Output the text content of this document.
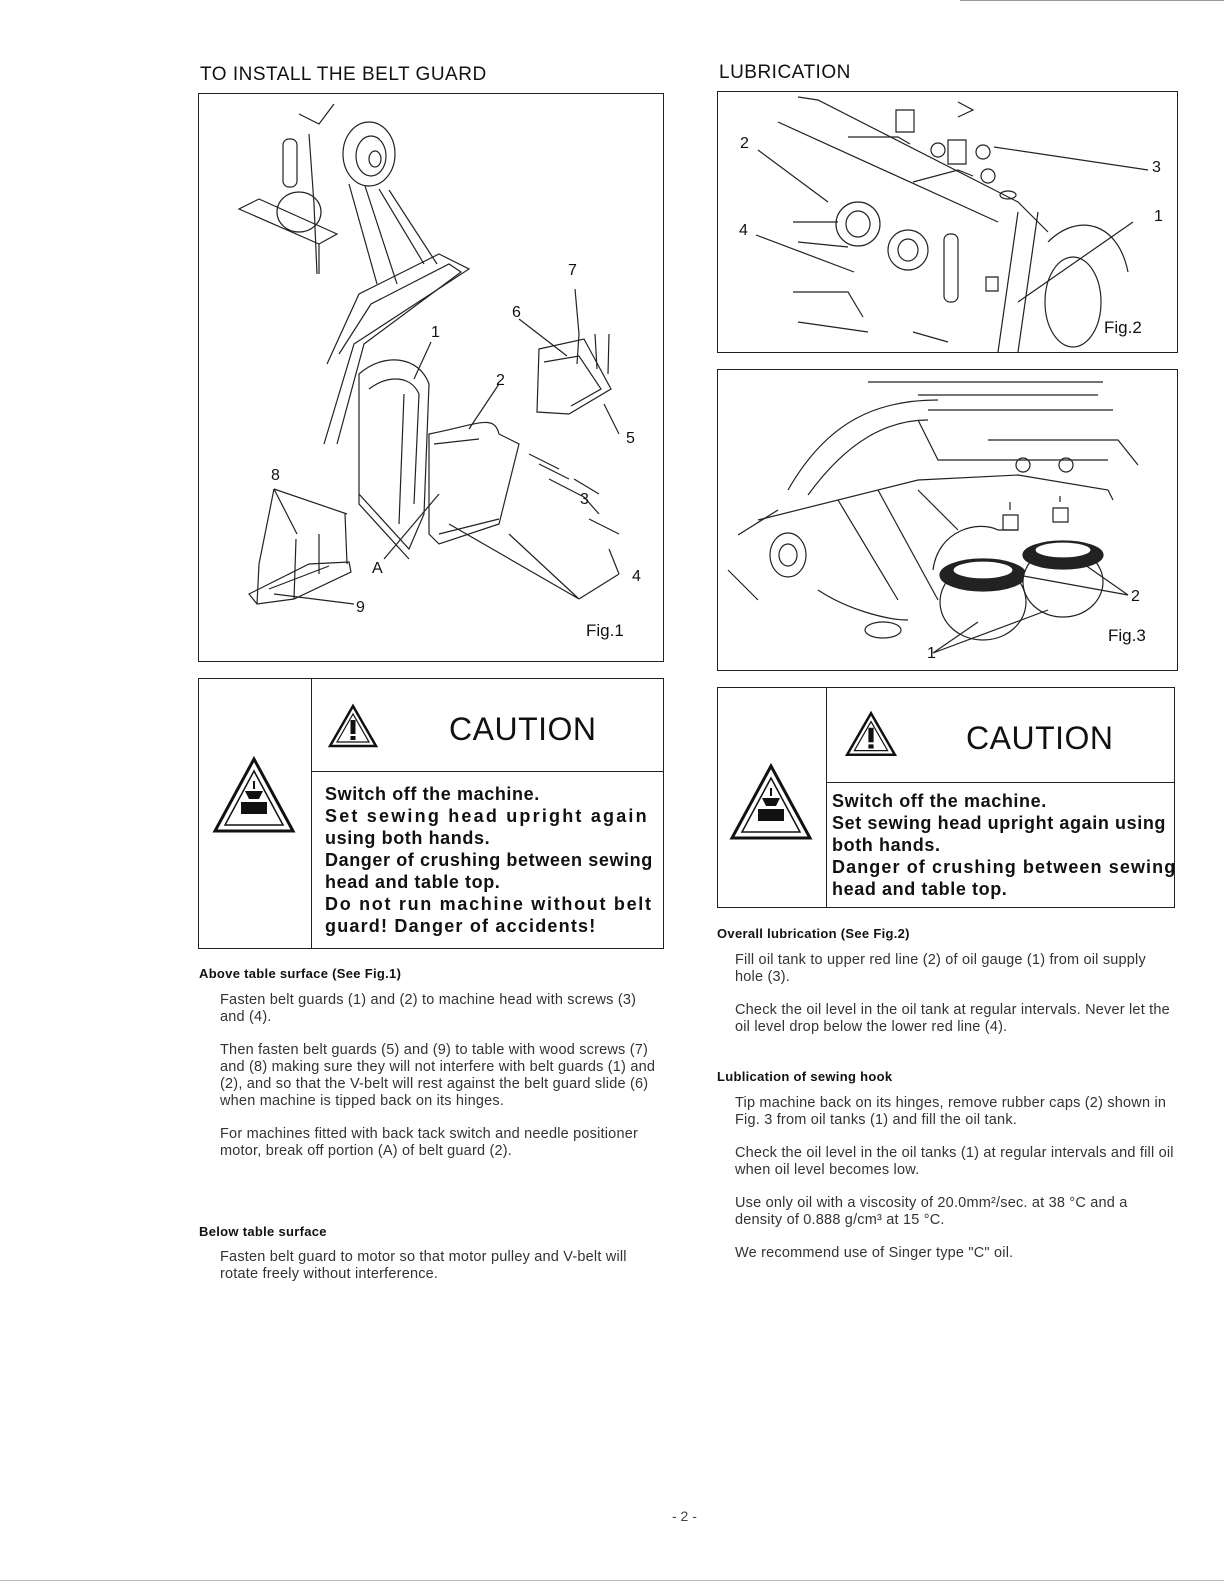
TO INSTALL THE BELT GUARD
1
2
3
4
5
6
7
8
9
A
Fig.1
CAUTION
Switch off the machine.
Set sewing head upright again
using both hands.
Danger of crushing between sewing
head and table top.
Do not run machine without belt
guard! Danger of accidents!
Above table surface (See Fig.1)

Fasten belt guards (1) and (2) to machine head with screws (3) and (4).

Then fasten belt guards (5) and (9) to table with wood screws (7) and (8) making sure they will not interfere with belt guards (1) and (2), and so that the V-belt will rest against the belt guard slide (6) when machine is tipped back on its hinges.

For machines fitted with back tack switch and needle positioner motor, break off portion (A) of belt guard (2).

Below table surface

Fasten belt guard to motor so that motor pulley and V-belt will rotate freely without interference.

LUBRICATION
2
3
1
4
Fig.2
2
1
Fig.3
CAUTION
Switch off the machine.
Set sewing head upright again using
both hands.
Danger of crushing between sewing
head and table top.
Overall lubrication (See Fig.2)

Fill oil tank to upper red line (2) of oil gauge (1) from oil supply hole (3).

Check the oil level in the oil tank at regular intervals. Never let the oil level drop below the lower red line (4).

Lublication of sewing hook

Tip machine back on its hinges, remove rubber caps (2) shown in Fig. 3 from oil tanks (1) and fill the oil tank.

Check the oil level in the oil tanks (1) at regular intervals and fill oil when oil level becomes low.

Use only oil with a viscosity of 20.0mm²/sec. at 38 °C and a density of 0.888 g/cm³ at 15 °C.

We recommend use of Singer type "C" oil.

- 2 -
